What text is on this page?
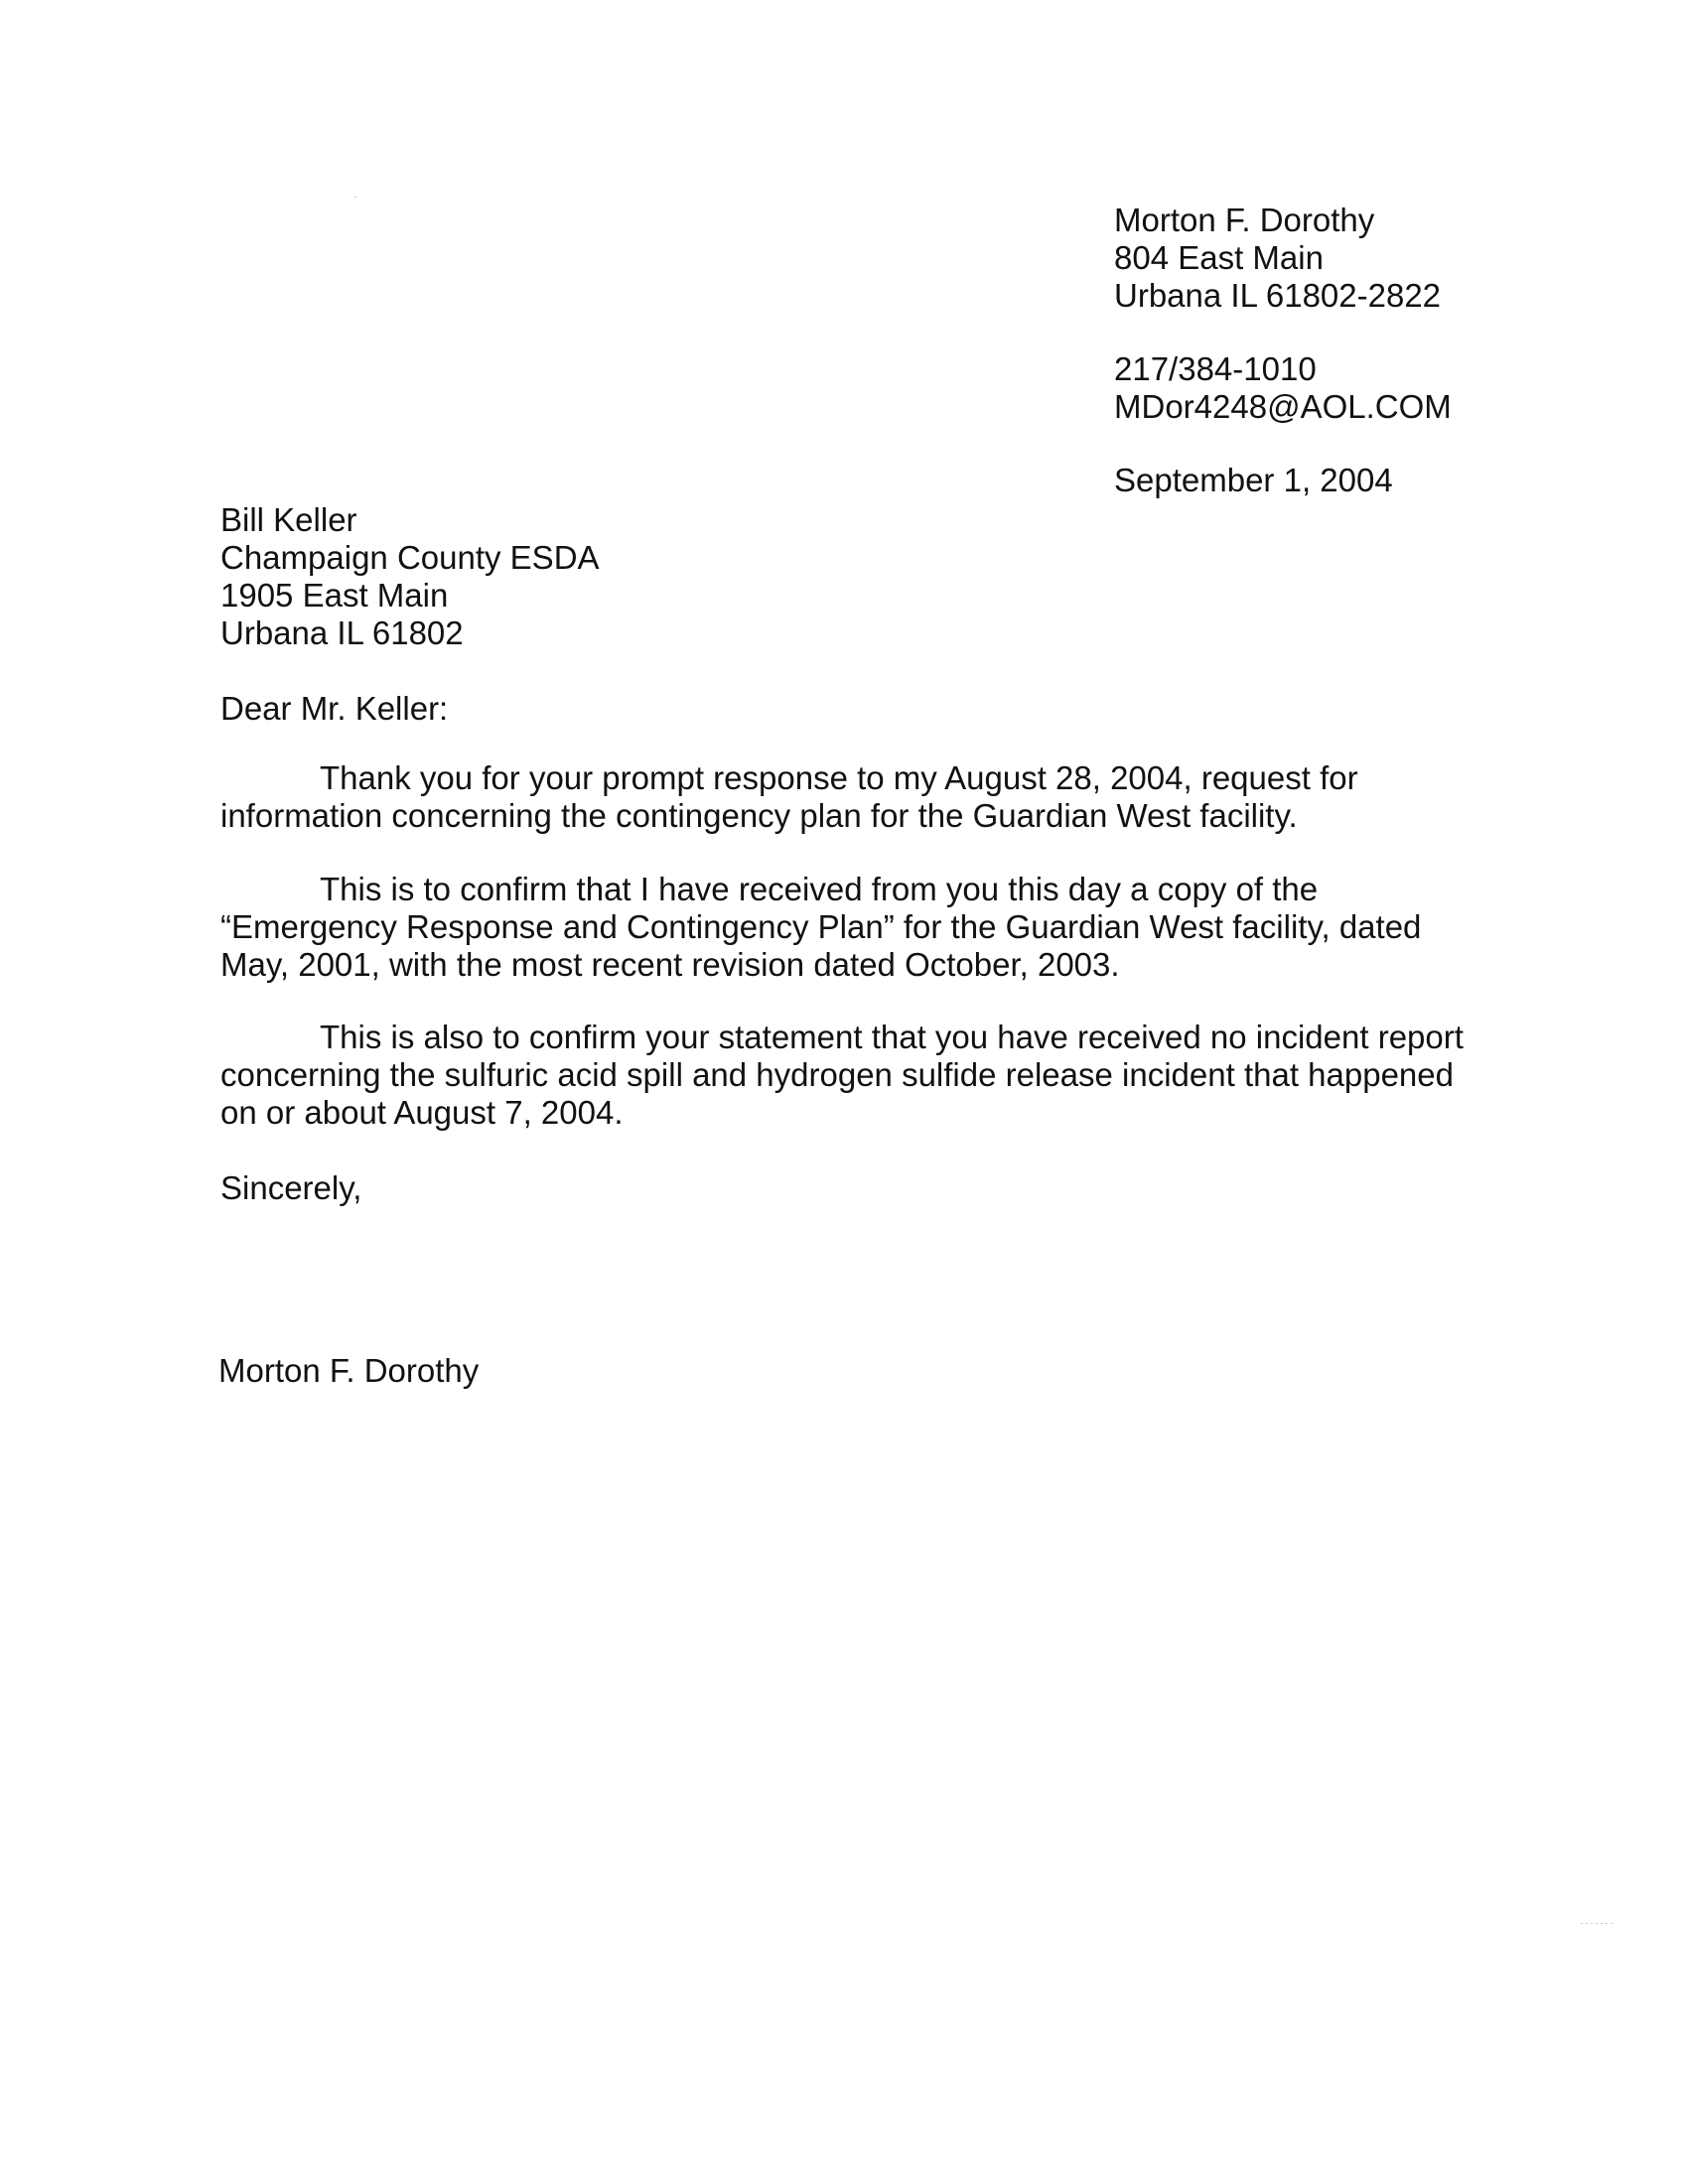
Morton F. Dorothy
804 East Main
Urbana IL 61802-2822
217/384-1010
MDor4248@AOL.COM
September 1, 2004
Bill Keller
Champaign County ESDA
1905 East Main
Urbana IL 61802
Dear Mr. Keller:
Thank you for your prompt response to my August 28, 2004, request for
information concerning the contingency plan for the Guardian West facility.
This is to confirm that I have received from you this day a copy of the
“Emergency Response and Contingency Plan” for the Guardian West facility, dated
May, 2001, with the most recent revision dated October, 2003.
This is also to confirm your statement that you have received no incident report
concerning the sulfuric acid spill and hydrogen sulfide release incident that happened
on or about August 7, 2004.
Sincerely,
Morton F. Dorothy
